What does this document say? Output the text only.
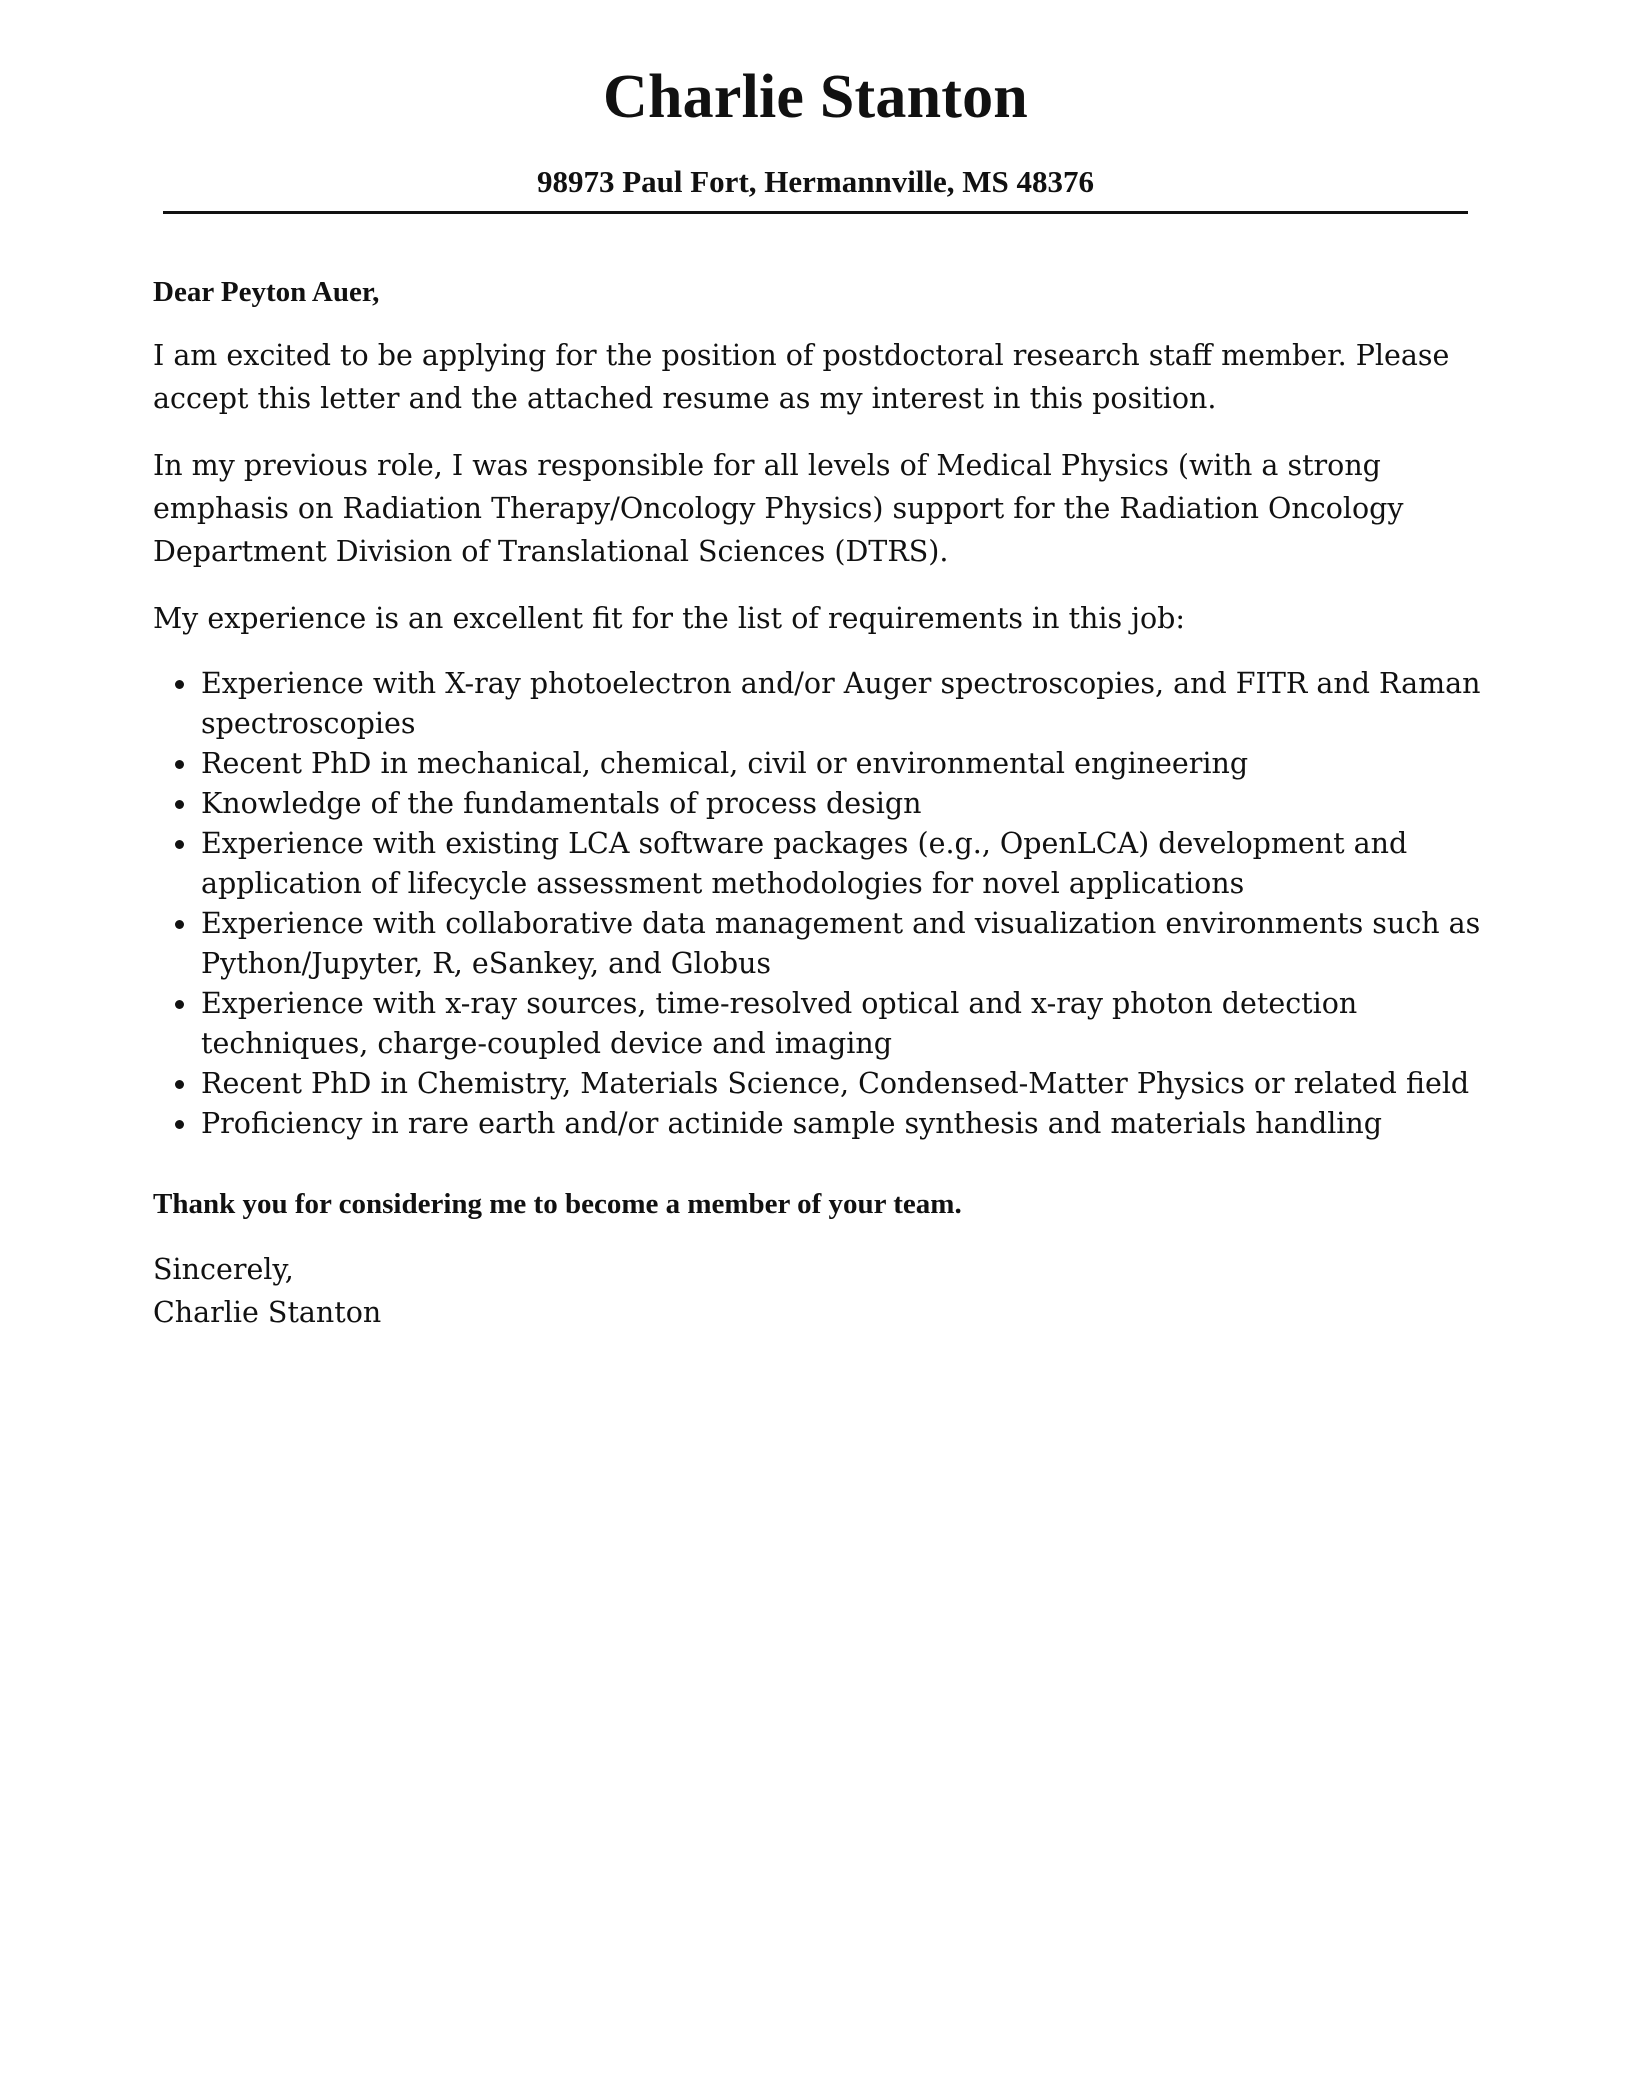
Charlie Stanton
98973 Paul Fort, Hermannville, MS 48376
Dear Peyton Auer,

I am excited to be applying for the position of postdoctoral research staff member. Please accept this letter and the attached resume as my interest in this position.

In my previous role, I was responsible for all levels of Medical Physics (with a strong emphasis on Radiation Therapy/Oncology Physics) support for the Radiation Oncology Department Division of Translational Sciences (DTRS).

My experience is an excellent fit for the list of requirements in this job:

Experience with X-ray photoelectron and/or Auger spectroscopies, and FITR and Raman spectroscopies
Recent PhD in mechanical, chemical, civil or environmental engineering
Knowledge of the fundamentals of process design
Experience with existing LCA software packages (e.g., OpenLCA) development and application of lifecycle assessment methodologies for novel applications
Experience with collaborative data management and visualization environments such as Python/Jupyter, R, eSankey, and Globus
Experience with x-ray sources, time-resolved optical and x-ray photon detection techniques, charge-coupled device and imaging
Recent PhD in Chemistry, Materials Science, Condensed-Matter Physics or related field
Proficiency in rare earth and/or actinide sample synthesis and materials handling
Thank you for considering me to become a member of your team.
Sincerely,
Charlie Stanton
